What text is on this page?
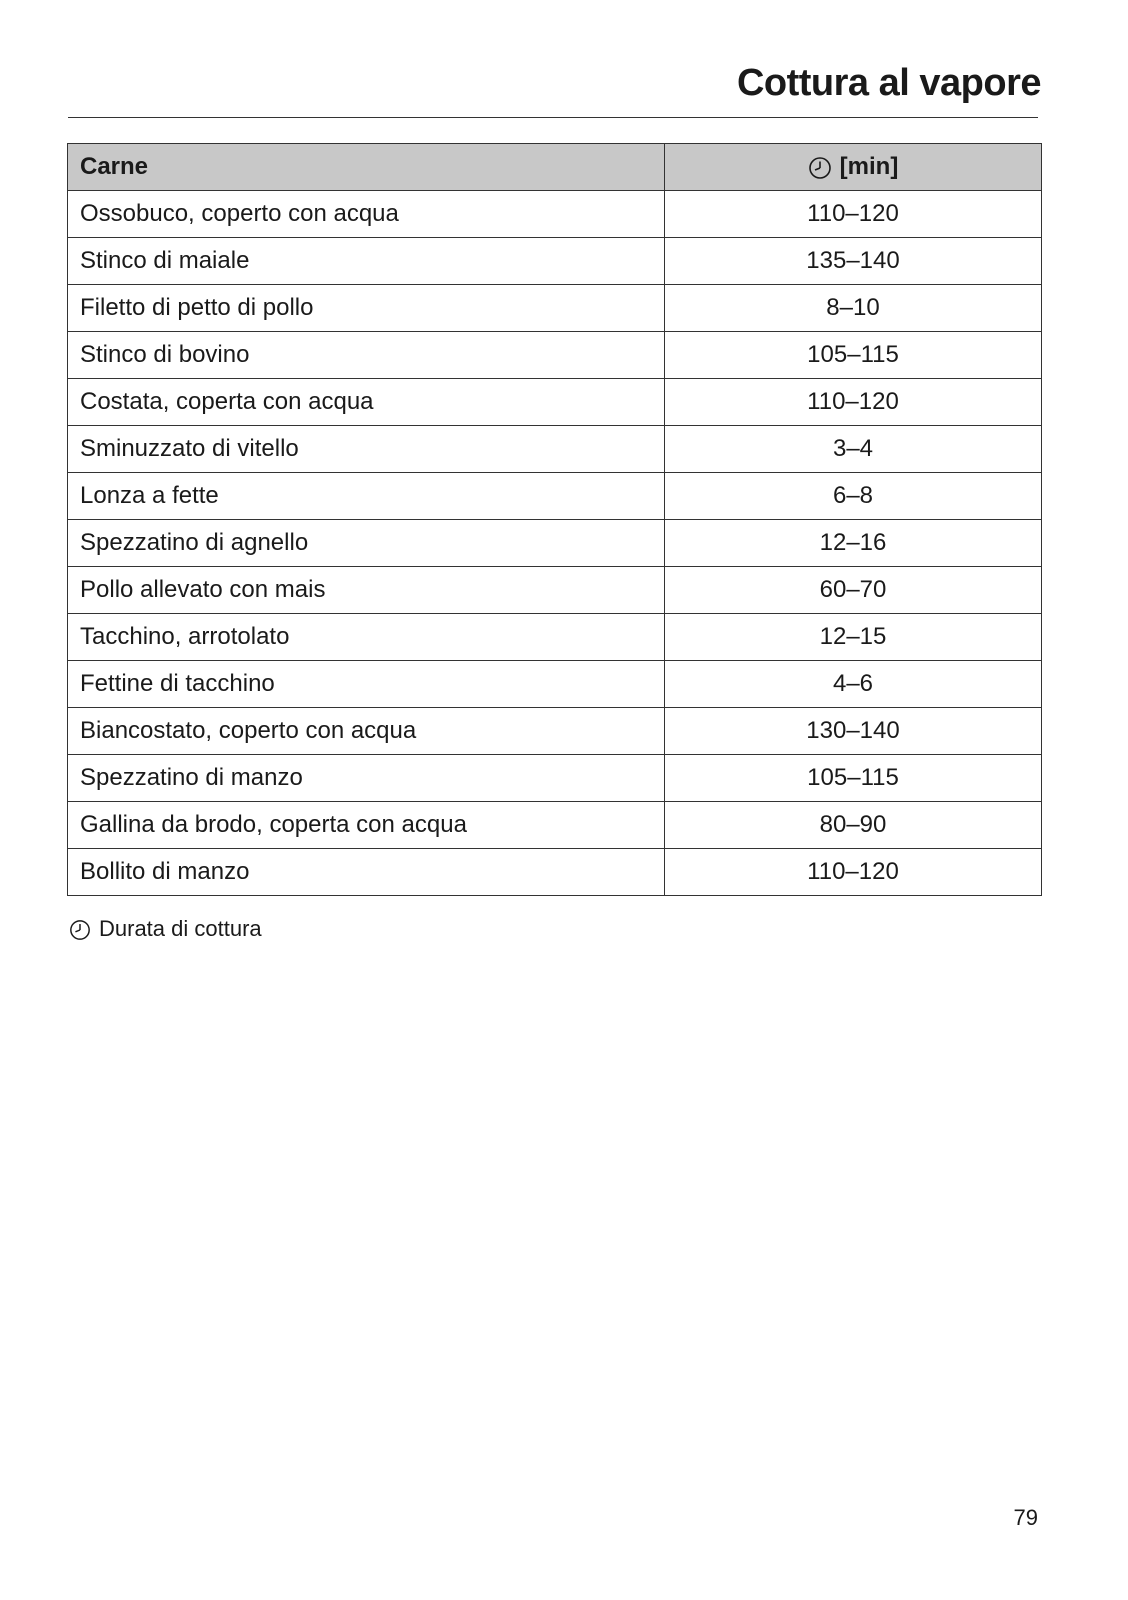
Cottura al vapore
Carne	[min]

Ossobuco, coperto con acqua	110–120
Stinco di maiale	135–140
Filetto di petto di pollo	8–10
Stinco di bovino	105–115
Costata, coperta con acqua	110–120
Sminuzzato di vitello	3–4
Lonza a fette	6–8
Spezzatino di agnello	12–16
Pollo allevato con mais	60–70
Tacchino, arrotolato	12–15
Fettine di tacchino	4–6
Biancostato, coperto con acqua	130–140
Spezzatino di manzo	105–115
Gallina da brodo, coperta con acqua	80–90
Bollito di manzo	110–120
Durata di cottura
79
